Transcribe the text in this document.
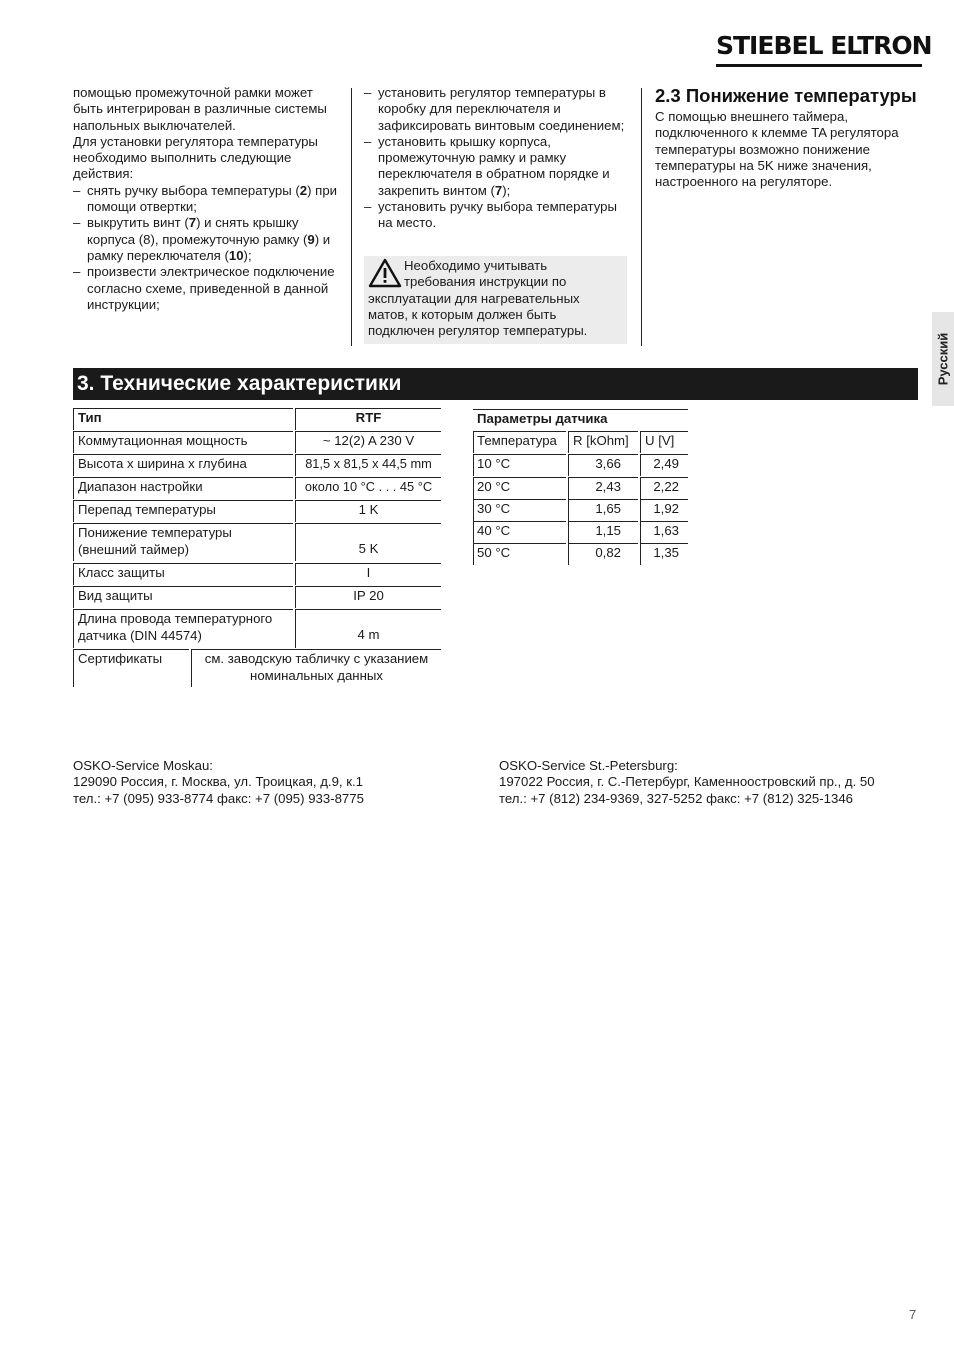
STIEBEL ELTRON

помощью промежуточной рамки может быть интегрирован в различные системы напольных выключателей.

Для установки регулятора температуры необходимо выполнить следующие действия:

– снять ручку выбора температуры (2) при помощи отвертки;
– выкрутить винт (7) и снять крышку корпуса (8), промежуточную рамку (9) и рамку переключателя (10);
– произвести электрическое подключение согласно схеме, приведенной в данной инструкции;
– установить регулятор температуры в коробку для переключателя и зафиксировать винтовым соединением;
– установить крышку корпуса, промежуточную рамку и рамку переключателя в обратном порядке и закрепить винтом (7);
– установить ручку выбора температуры на место.
Необходимо учитывать требования инструкции по эксплуатации для нагревательных матов, к которым должен быть подключен регулятор температуры.
2.3 Понижение температуры
С помощью внешнего таймера, подключенного к клемме TA регулятора температуры возможно понижение температуры на 5K ниже значения, настроенного на регуляторе.
Русский
3. Технические характеристики
Тип	RTF
Коммутационная мощность	~ 12(2) A 230 V
Высота х ширина х глубина	81,5 x 81,5 x 44,5 mm
Диапазон настройки	около 10 °C . . . 45 °C
Перепад температуры	1 K
Понижение температуры (внешний таймер)	5 K
Класс защиты	I
Вид защиты	IP 20
Длина провода температурного датчика (DIN 44574)	4 m
Сертификаты	см. заводскую табличку с указанием номинальных данных
Параметры датчика
Температура	R [kOhm]	U [V]
10 °C	3,66	2,49
20 °C	2,43	2,22
30 °C	1,65	1,92
40 °C	1,15	1,63
50 °C	0,82	1,35
OSKO-Service Moskau:
129090 Россия, г. Москва, ул. Троицкая, д.9, к.1
тел.: +7 (095) 933-8774 факс: +7 (095) 933-8775
OSKO-Service St.-Petersburg:
197022 Россия, г. С.-Петербург, Каменноостровский пр., д. 50
тел.: +7 (812) 234-9369, 327-5252 факс: +7 (812) 325-1346
7
